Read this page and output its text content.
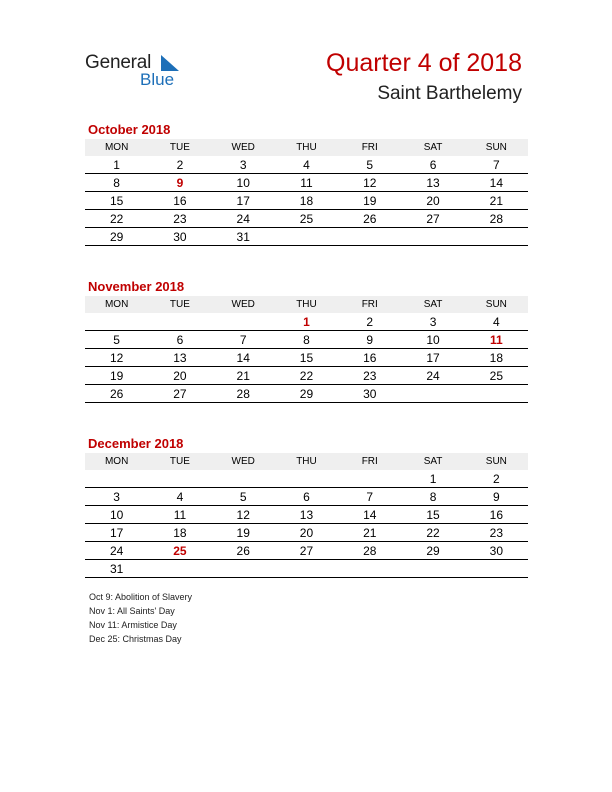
General
Blue
Quarter 4 of 2018
Saint Barthelemy
October 2018
MON	TUE	WED	THU	FRI	SAT	SUN
1	2	3	4	5	6	7
8	9	10	11	12	13	14
15	16	17	18	19	20	21
22	23	24	25	26	27	28
29	30	31				
November 2018
MON	TUE	WED	THU	FRI	SAT	SUN
			1	2	3	4
5	6	7	8	9	10	11
12	13	14	15	16	17	18
19	20	21	22	23	24	25
26	27	28	29	30		
December 2018
MON	TUE	WED	THU	FRI	SAT	SUN
					1	2
3	4	5	6	7	8	9
10	11	12	13	14	15	16
17	18	19	20	21	22	23
24	25	26	27	28	29	30
31						
Oct 9: Abolition of Slavery
Nov 1: All Saints' Day
Nov 11: Armistice Day
Dec 25: Christmas Day
